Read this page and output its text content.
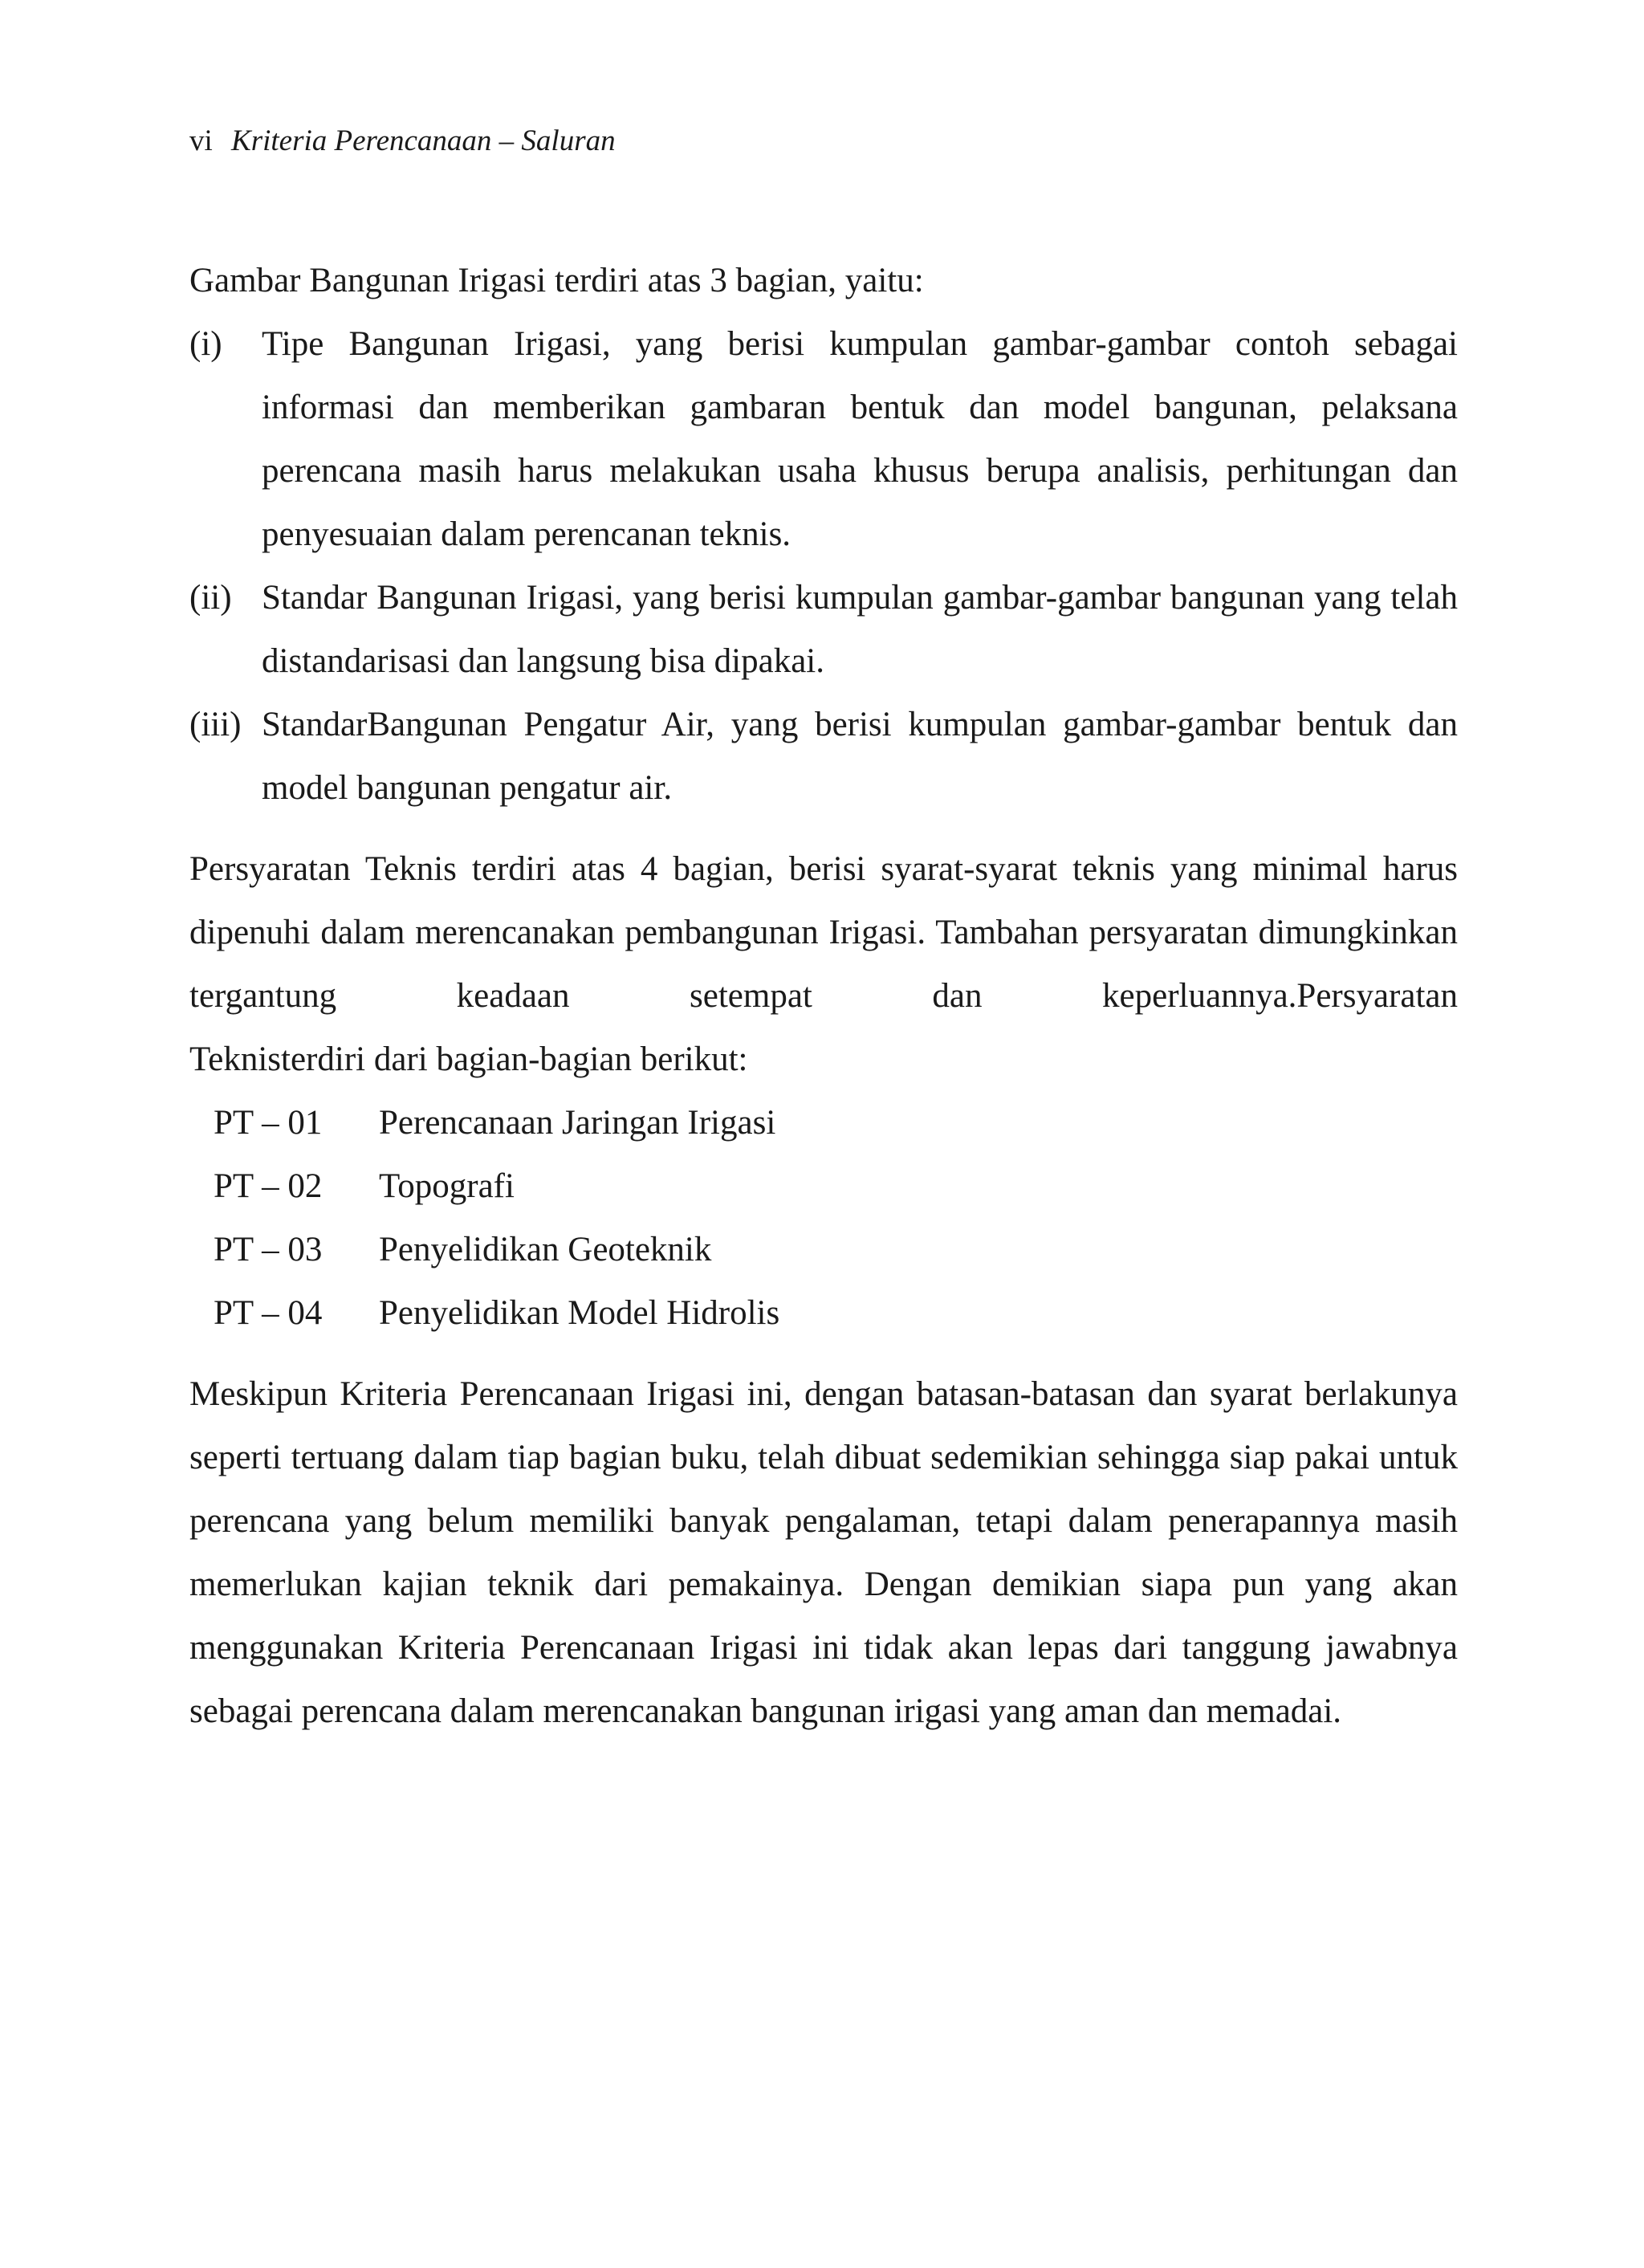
vi Kriteria Perencanaan – Saluran

Gambar Bangunan Irigasi terdiri atas 3 bagian, yaitu:

(i)	Tipe Bangunan Irigasi, yang berisi kumpulan gambar-gambar contoh sebagai informasi dan memberikan gambaran bentuk dan model bangunan, pelaksana perencana masih harus melakukan usaha khusus berupa analisis, perhitungan dan penyesuaian dalam perencanan teknis.
(ii) Standar Bangunan Irigasi, yang berisi kumpulan gambar-gambar bangunan yang telah distandarisasi dan langsung bisa dipakai.
(iii) StandarBangunan Pengatur Air, yang berisi kumpulan gambar-gambar bentuk dan model bangunan pengatur air.

Persyaratan Teknis terdiri atas 4 bagian, berisi syarat-syarat teknis yang minimal harus dipenuhi dalam merencanakan pembangunan Irigasi. Tambahan persyaratan dimungkinkan tergantung keadaan setempat dan keperluannya.Persyaratan

Teknisterdiri dari bagian-bagian berikut:

PT – 01	Perencanaan Jaringan Irigasi
PT – 02	Topografi
PT – 03	Penyelidikan Geoteknik
PT – 04	Penyelidikan Model Hidrolis

Meskipun Kriteria Perencanaan Irigasi ini, dengan batasan-batasan dan syarat berlakunya seperti tertuang dalam tiap bagian buku, telah dibuat sedemikian sehingga siap pakai untuk perencana yang belum memiliki banyak pengalaman, tetapi dalam penerapannya masih memerlukan kajian teknik dari pemakainya. Dengan demikian siapa pun yang akan menggunakan Kriteria Perencanaan Irigasi ini tidak akan lepas dari tanggung jawabnya sebagai perencana dalam merencanakan bangunan irigasi yang aman dan memadai.
